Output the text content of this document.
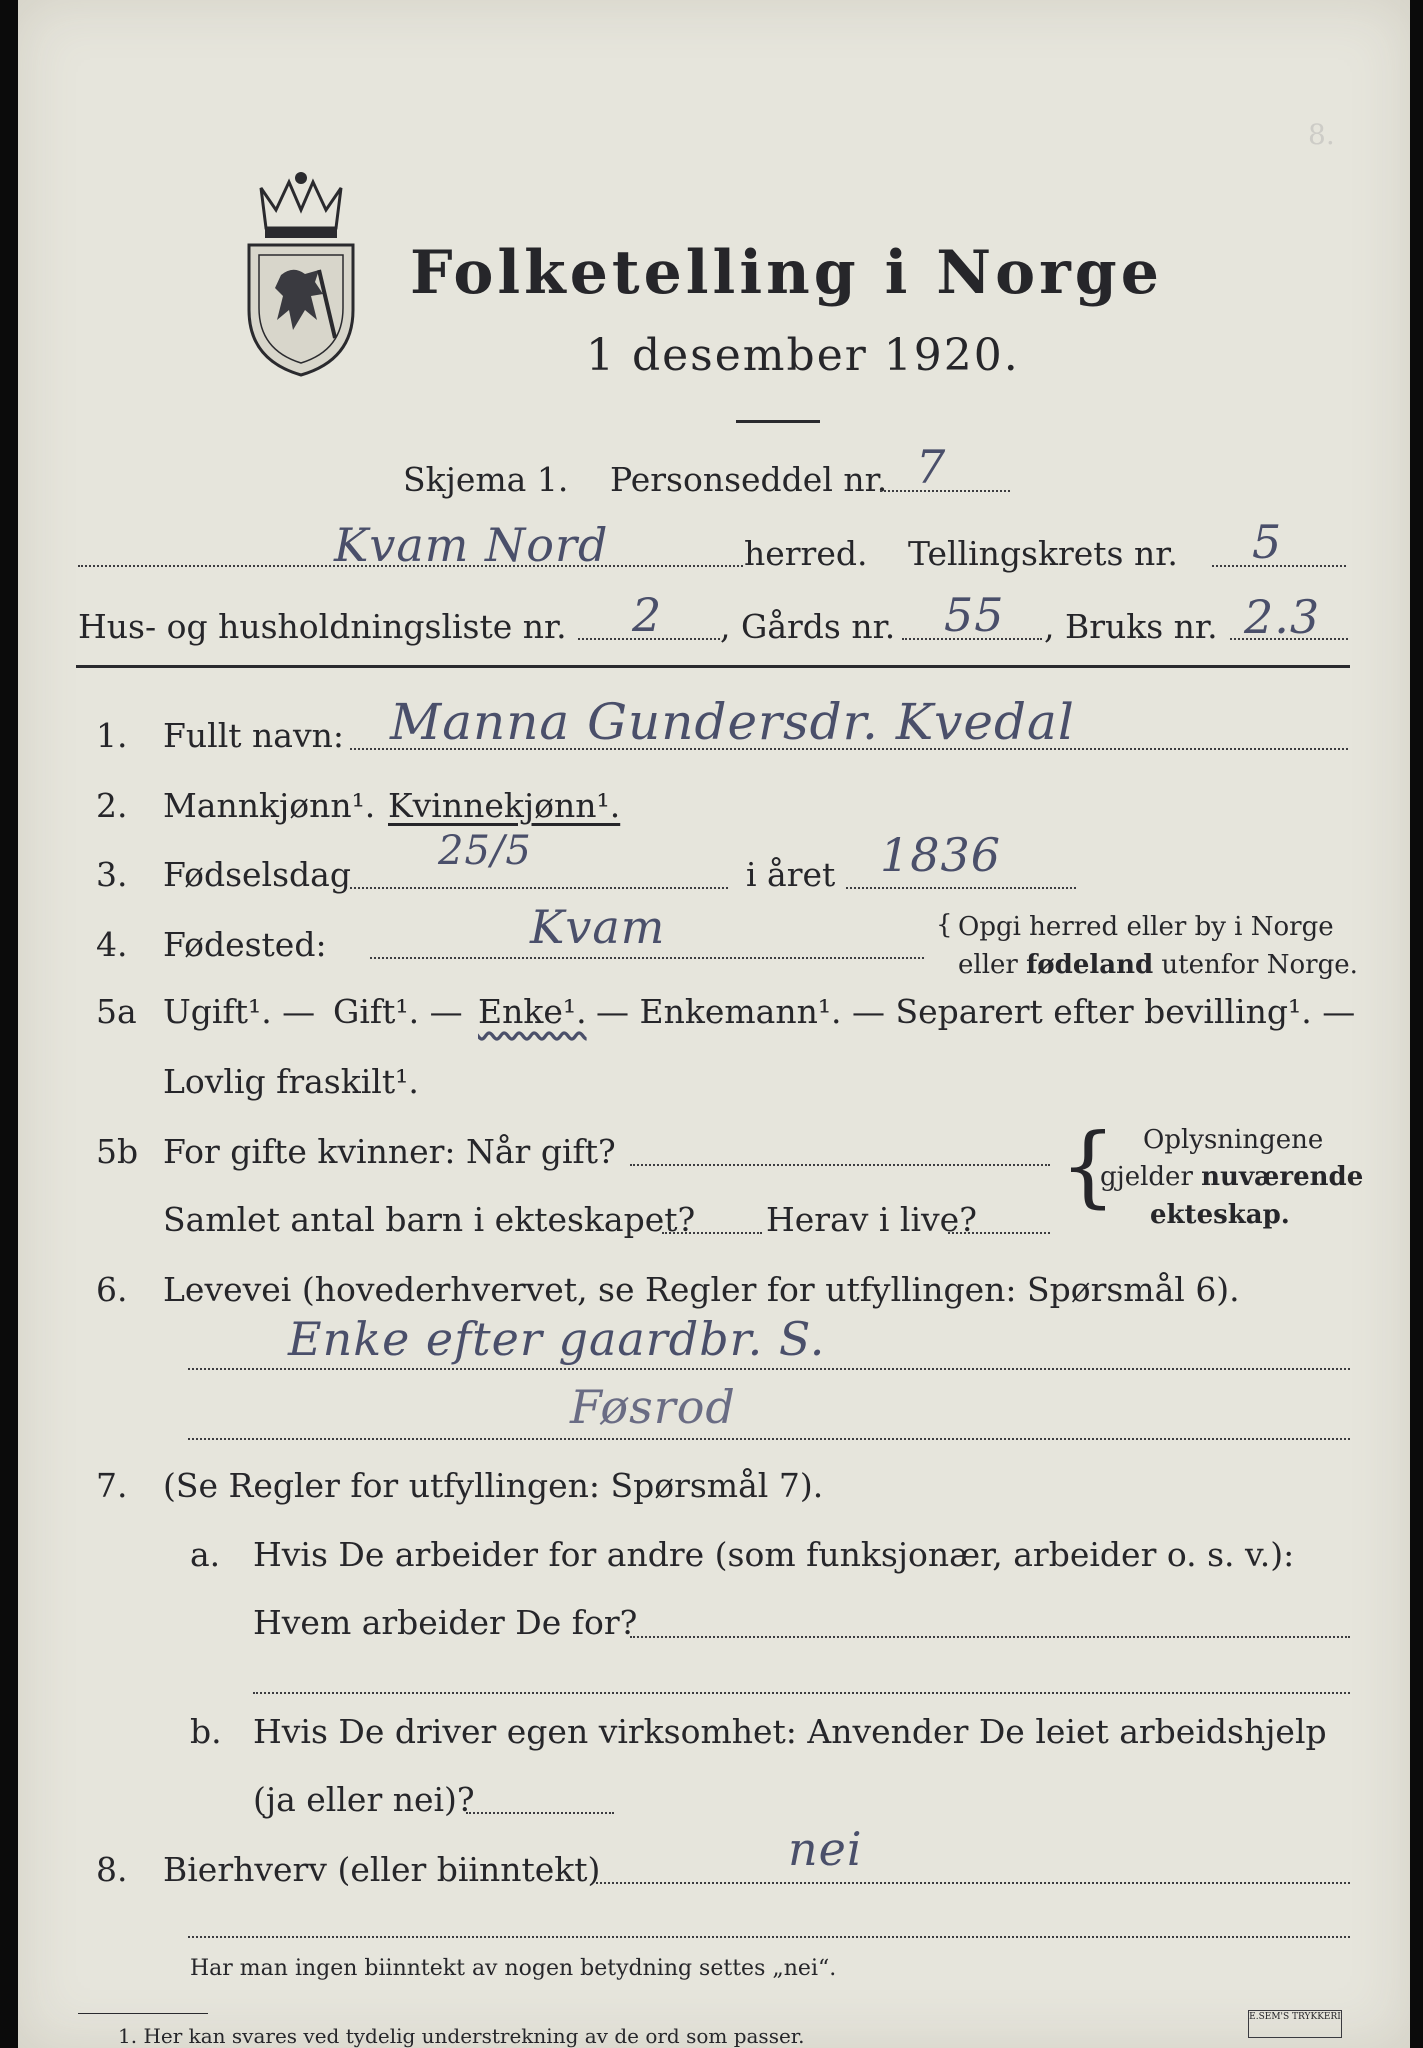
8.
Folketelling i Norge
1 desember 1920.
Skjema 1. Personseddel nr. 7
Kvam Nord	herred. Tellingskrets nr. 5
Hus- og husholdningsliste nr. 2 , Gårds nr. 55 , Bruks nr. 2.3
1. Fullt navn: Manna Gundersdr. Kvedal
2. Mannkjønn¹. Kvinnekjønn¹.
3. Fødselsdag
25/5
i året 1836
4. Fødested:	Kvam	{ Opgi herred eller by i Norge
eller fødeland utenfor Norge.
5a Ugift¹. — Gift¹. — Enke¹. — Enkemann¹. — Separert efter bevilling¹. —
Lovlig fraskilt¹.
5b For gifte kvinner: Når gift?
Samlet antal barn i ekteskapet? Herav i live?
{ Oplysningene
gjelder nuværende
ekteskap.
6. Levevei (hovederhvervet, se Regler for utfyllingen: Spørsmål 6).
Enke efter gaardbr. S.
Føsrod
7. (Se Regler for utfyllingen: Spørsmål 7).
a. Hvis De arbeider for andre (som funksjonær, arbeider o. s. v.):
Hvem arbeider De for?
b. Hvis De driver egen virksomhet: Anvender De leiet arbeidshjelp
(ja eller nei)?
8. Bierhverv (eller biinntekt)	nei
Har man ingen biinntekt av nogen betydning settes „nei“.
1. Her kan svares ved tydelig understrekning av de ord som passer.
E.SEM'S TRYKKERI
